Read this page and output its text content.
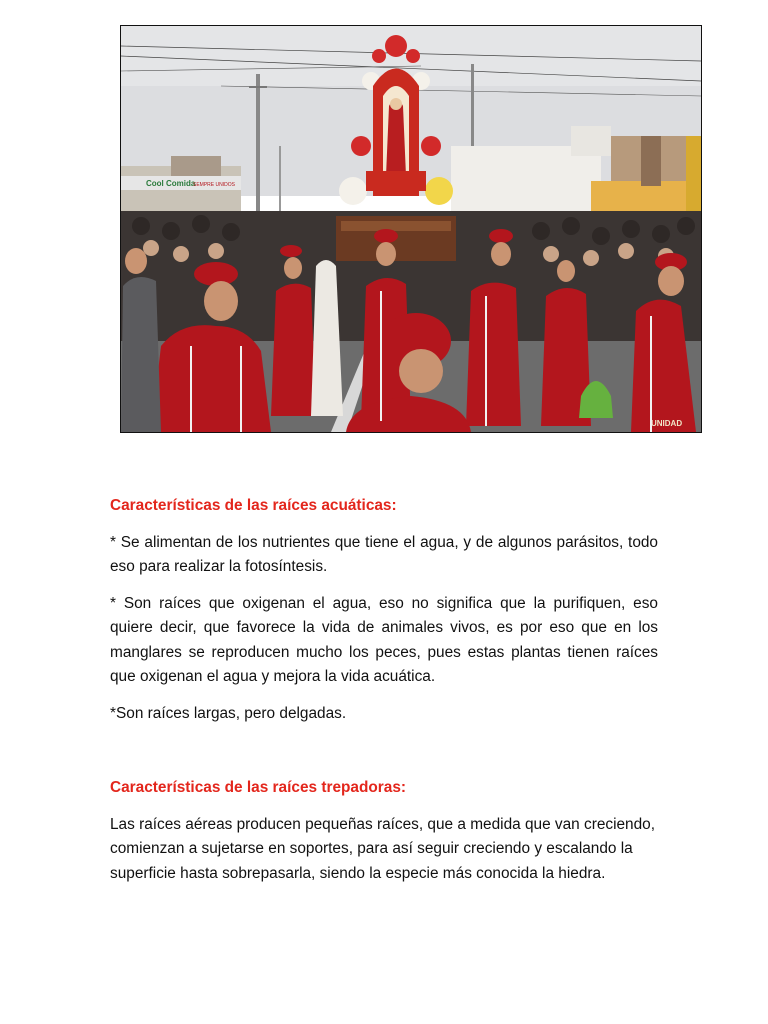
Cool Comida
SEMPRE UNIDOS
UNIDAD

Características de las raíces acuáticas:

* Se alimentan de los nutrientes que tiene el agua, y de algunos parásitos, todo eso para realizar la fotosíntesis.

* Son raíces que oxigenan el agua, eso no significa que la purifiquen, eso quiere decir, que favorece la vida de animales vivos, es por eso que en los manglares se reproducen mucho los peces, pues estas plantas tienen raíces que oxigenan el agua y mejora la vida acuática.

*Son raíces largas, pero delgadas.

Características de las raíces trepadoras:

Las raíces aéreas producen pequeñas raíces, que a medida que van creciendo, comienzan a sujetarse en soportes, para así seguir creciendo y escalando la superficie hasta sobrepasarla, siendo la especie más conocida la hiedra.
